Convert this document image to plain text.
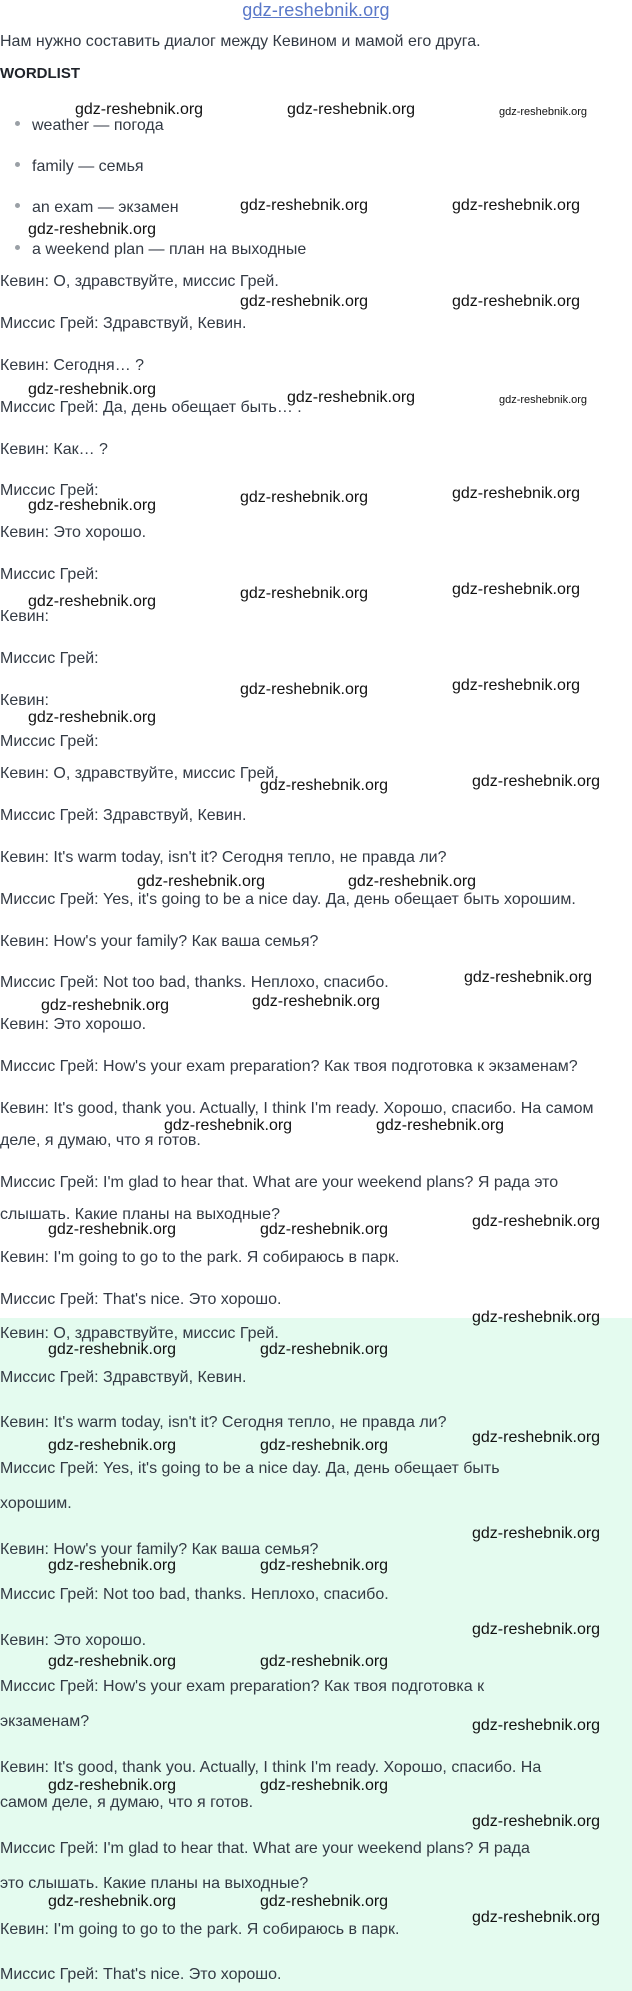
gdz-reshebnik.org
Нам нужно составить диалог между Кевином и мамой его друга.
WORDLIST
weather — погода
family — семья
an exam — экзамен
a weekend plan — план на выходные
Кевин: О, здравствуйте, миссис Грей.
Миссис Грей: Здравствуй, Кевин.
Кевин: Сегодня… ?
Миссис Грей: Да, день обещает быть… .
Кевин: Как… ?
Миссис Грей:
Кевин: Это хорошо.
Миссис Грей:
Кевин:
Миссис Грей:
Кевин:
Миссис Грей:
Кевин: О, здравствуйте, миссис Грей.
Миссис Грей: Здравствуй, Кевин.
Кевин: It's warm today, isn't it? Сегодня тепло, не правда ли?
Миссис Грей: Yes, it's going to be a nice day. Да, день обещает быть хорошим.
Кевин: How's your family? Как ваша семья?
Миссис Грей: Not too bad, thanks. Неплохо, спасибо.
Кевин: Это хорошо.
Миссис Грей: How's your exam preparation? Как твоя подготовка к экзаменам?
Кевин: It's good, thank you. Actually, I think I'm ready. Хорошо, спасибо. На самом
деле, я думаю, что я готов.
Миссис Грей: I'm glad to hear that. What are your weekend plans? Я рада это
слышать. Какие планы на выходные?
Кевин: I'm going to go to the park. Я собираюсь в парк.
Миссис Грей: That's nice. Это хорошо.
Кевин: О, здравствуйте, миссис Грей.
Миссис Грей: Здравствуй, Кевин.
Кевин: It's warm today, isn't it? Сегодня тепло, не правда ли?
Миссис Грей: Yes, it's going to be a nice day. Да, день обещает быть
хорошим.
Кевин: How's your family? Как ваша семья?
Миссис Грей: Not too bad, thanks. Неплохо, спасибо.
Кевин: Это хорошо.
Миссис Грей: How's your exam preparation? Как твоя подготовка к
экзаменам?
Кевин: It's good, thank you. Actually, I think I'm ready. Хорошо, спасибо. На
самом деле, я думаю, что я готов.
Миссис Грей: I'm glad to hear that. What are your weekend plans? Я рада
это слышать. Какие планы на выходные?
Кевин: I'm going to go to the park. Я собираюсь в парк.
Миссис Грей: That's nice. Это хорошо.
gdz-reshebnik.org	gdz-reshebnik.org	gdz-reshebnik.org
gdz-reshebnik.org	gdz-reshebnik.org
gdz-reshebnik.org
gdz-reshebnik.org	gdz-reshebnik.org
gdz-reshebnik.org	gdz-reshebnik.org	gdz-reshebnik.org
gdz-reshebnik.org
gdz-reshebnik.org
gdz-reshebnik.org
gdz-reshebnik.org
gdz-reshebnik.org
gdz-reshebnik.org
gdz-reshebnik.org
gdz-reshebnik.org
gdz-reshebnik.org
gdz-reshebnik.org
gdz-reshebnik.org
gdz-reshebnik.org	gdz-reshebnik.org
gdz-reshebnik.org
gdz-reshebnik.org
gdz-reshebnik.org
gdz-reshebnik.org	gdz-reshebnik.org
gdz-reshebnik.org
gdz-reshebnik.org	gdz-reshebnik.org
gdz-reshebnik.org
gdz-reshebnik.org	gdz-reshebnik.org
gdz-reshebnik.org
gdz-reshebnik.org	gdz-reshebnik.org
gdz-reshebnik.org
gdz-reshebnik.org	gdz-reshebnik.org
gdz-reshebnik.org
gdz-reshebnik.org	gdz-reshebnik.org
gdz-reshebnik.org
gdz-reshebnik.org	gdz-reshebnik.org
gdz-reshebnik.org
gdz-reshebnik.org	gdz-reshebnik.org
gdz-reshebnik.org
